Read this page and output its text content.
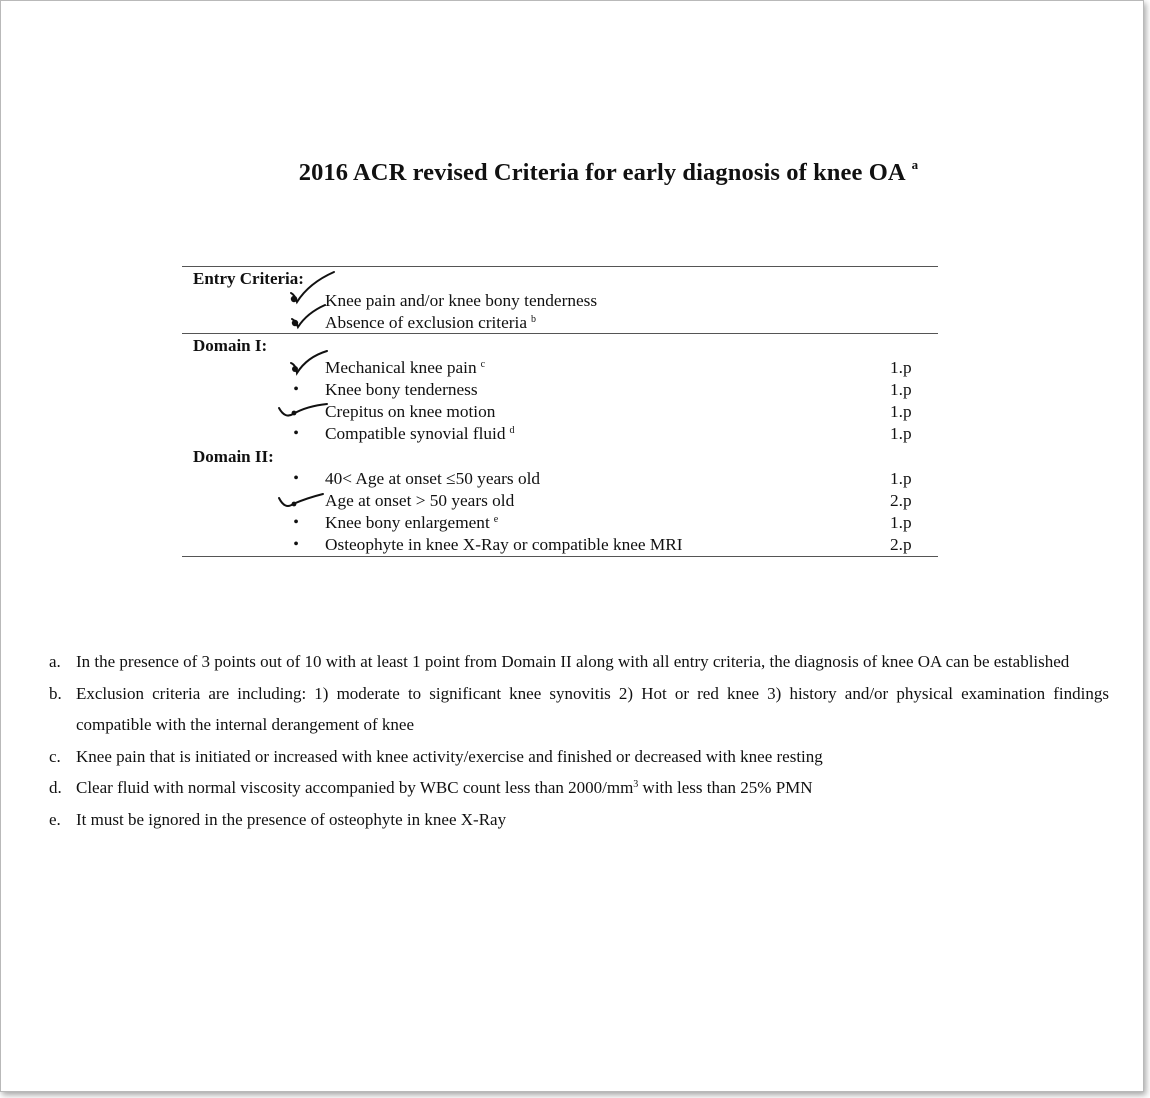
2016 ACR revised Criteria for early diagnosis of knee OA $^a$
Entry Criteria:
Knee pain and/or knee bony tenderness
Absence of exclusion criteria $^b$
Domain I:
Mechanical knee pain $^c$	1.p
• Knee bony tenderness	1.p
Crepitus on knee motion	1.p
• Compatible synovial fluid $^d$	1.p
Domain II:
• 40< Age at onset ≤50 years old	1.p
Age at onset > 50 years old	2.p
• Knee bony enlargement $^e$	1.p
• Osteophyte in knee X-Ray or compatible knee MRI	2.p
a. In the presence of 3 points out of 10 with at least 1 point from Domain II along with all entry criteria, the diagnosis of knee OA can be established
b. Exclusion criteria are including: 1) moderate to significant knee synovitis 2) Hot or red knee 3) history and/or physical examination findings compatible with the internal derangement of knee
c. Knee pain that is initiated or increased with knee activity/exercise and finished or decreased with knee resting
d. Clear fluid with normal viscosity accompanied by WBC count less than $2000/mm^3$ with less than 25% PMN
e. It must be ignored in the presence of osteophyte in knee X-Ray
